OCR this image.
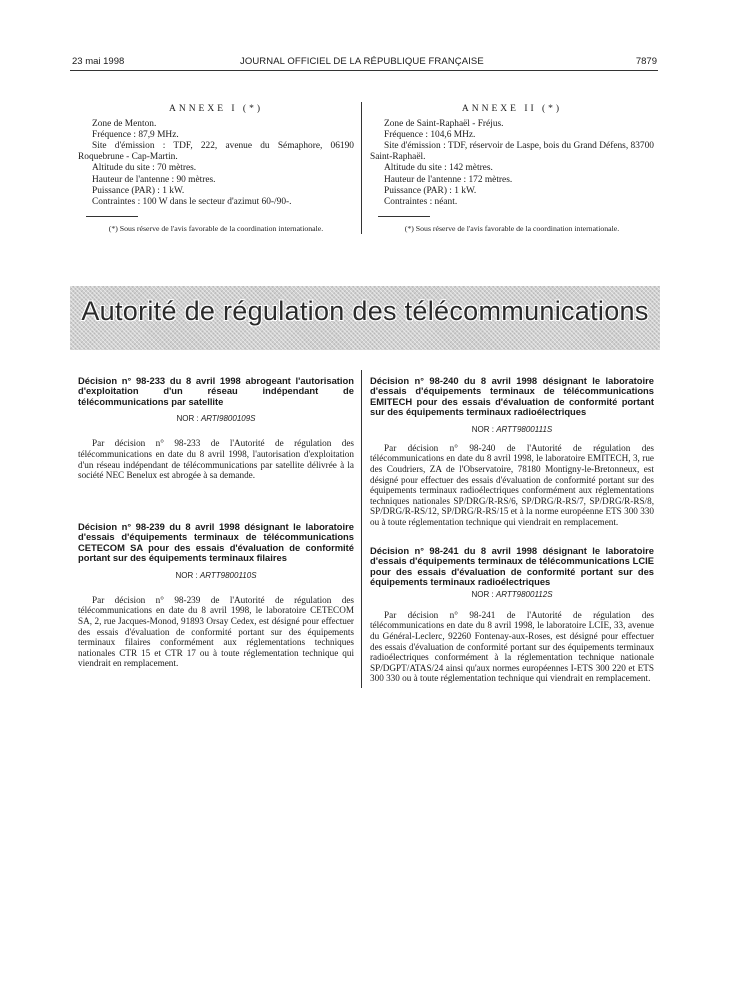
23 mai 1998	JOURNAL OFFICIEL DE LA RÉPUBLIQUE FRANÇAISE	7879
ANNEXE I (*)
Zone de Menton.
Fréquence : 87,9 MHz.
Site d'émission : TDF, 222, avenue du Sémaphore, 06190 Roquebrune - Cap-Martin.
Altitude du site : 70 mètres.
Hauteur de l'antenne : 90 mètres.
Puissance (PAR) : 1 kW.
Contraintes : 100 W dans le secteur d'azimut 60-/90-.
(*) Sous réserve de l'avis favorable de la coordination internationale.
ANNEXE II (*)
Zone de Saint-Raphaël - Fréjus.
Fréquence : 104,6 MHz.
Site d'émission : TDF, réservoir de Laspe, bois du Grand Défens, 83700 Saint-Raphaël.
Altitude du site : 142 mètres.
Hauteur de l'antenne : 172 mètres.
Puissance (PAR) : 1 kW.
Contraintes : néant.
(*) Sous réserve de l'avis favorable de la coordination internationale.
Autorité de régulation des télécommunications
Décision n° 98-233 du 8 avril 1998 abrogeant l'autorisation d'exploitation d'un réseau indépendant de télécommunications par satellite
NOR : ARTI9800109S
Par décision n° 98-233 de l'Autorité de régulation des télécommunications en date du 8 avril 1998, l'autorisation d'exploitation d'un réseau indépendant de télécommunications par satellite délivrée à la société NEC Benelux est abrogée à sa demande.
Décision n° 98-239 du 8 avril 1998 désignant le laboratoire d'essais d'équipements terminaux de télécommunications CETECOM SA pour des essais d'évaluation de conformité portant sur des équipements terminaux filaires
NOR : ARTT9800110S
Par décision n° 98-239 de l'Autorité de régulation des télécommunications en date du 8 avril 1998, le laboratoire CETECOM SA, 2, rue Jacques-Monod, 91893 Orsay Cedex, est désigné pour effectuer des essais d'évaluation de conformité portant sur des équipements terminaux filaires conformément aux réglementations techniques nationales CTR 15 et CTR 17 ou à toute réglementation technique qui viendrait en remplacement.
Décision n° 98-240 du 8 avril 1998 désignant le laboratoire d'essais d'équipements terminaux de télécommunications EMITECH pour des essais d'évaluation de conformité portant sur des équipements terminaux radioélectriques
NOR : ARTT9800111S
Par décision n° 98-240 de l'Autorité de régulation des télécommunications en date du 8 avril 1998, le laboratoire EMITECH, 3, rue des Coudriers, ZA de l'Observatoire, 78180 Montigny-le-Bretonneux, est désigné pour effectuer des essais d'évaluation de conformité portant sur des équipements terminaux radioélectriques conformément aux réglementations techniques nationales SP/DRG/R-RS/6, SP/DRG/R-RS/7, SP/DRG/R-RS/8, SP/DRG/R-RS/12, SP/DRG/R-RS/15 et à la norme européenne ETS 300 330 ou à toute réglementation technique qui viendrait en remplacement.
Décision n° 98-241 du 8 avril 1998 désignant le laboratoire d'essais d'équipements terminaux de télécommunications LCIE pour des essais d'évaluation de conformité portant sur des équipements terminaux radioélectriques
NOR : ARTT9800112S
Par décision n° 98-241 de l'Autorité de régulation des télécommunications en date du 8 avril 1998, le laboratoire LCIE, 33, avenue du Général-Leclerc, 92260 Fontenay-aux-Roses, est désigné pour effectuer des essais d'évaluation de conformité portant sur des équipements terminaux radioélectriques conformément à la réglementation technique nationale SP/DGPT/ATAS/24 ainsi qu'aux normes européennes I-ETS 300 220 et ETS 300 330 ou à toute réglementation technique qui viendrait en remplacement.
